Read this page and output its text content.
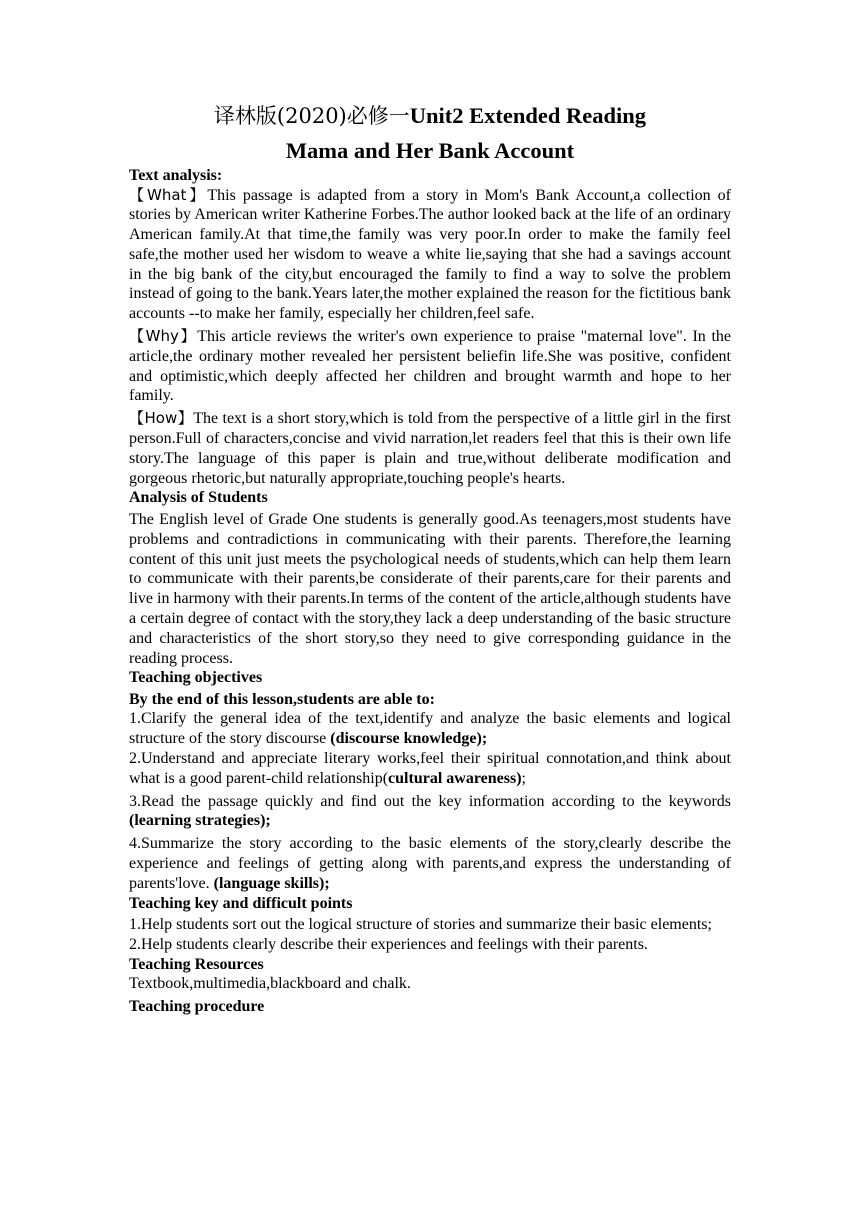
译林版(2020)必修一Unit2 Extended Reading
Mama and Her Bank Account

Text analysis:

【What】This passage is adapted from a story in Mom's Bank Account,a collection of stories by American writer Katherine Forbes.The author looked back at the life of an ordinary American family.At that time,the family was very poor.In order to make the family feel safe,the mother used her wisdom to weave a white lie,saying that she had a savings account in the big bank of the city,but encouraged the family to find a way to solve the problem instead of going to the bank.Years later,the mother explained the reason for the fictitious bank accounts --to make her family, especially her children,feel safe.

【Why】This article reviews the writer's own experience to praise "maternal love". In the article,the ordinary mother revealed her persistent beliefin life.She was positive, confident and optimistic,which deeply affected her children and brought warmth and hope to her family.

【How】The text is a short story,which is told from the perspective of a little girl in the first person.Full of characters,concise and vivid narration,let readers feel that this is their own life story.The language of this paper is plain and true,without deliberate modification and gorgeous rhetoric,but naturally appropriate,touching people's hearts.

Analysis of Students

The English level of Grade One students is generally good.As teenagers,most students have problems and contradictions in communicating with their parents. Therefore,the learning content of this unit just meets the psychological needs of students,which can help them learn to communicate with their parents,be considerate of their parents,care for their parents and live in harmony with their parents.In terms of the content of the article,although students have a certain degree of contact with the story,they lack a deep understanding of the basic structure and characteristics of the short story,so they need to give corresponding guidance in the reading process.

Teaching objectives

By the end of this lesson,students are able to:

1.Clarify the general idea of the text,identify and analyze the basic elements and logical structure of the story discourse (discourse knowledge);

2.Understand and appreciate literary works,feel their spiritual connotation,and think about what is a good parent-child relationship(cultural awareness);

3.Read the passage quickly and find out the key information according to the keywords (learning strategies);

4.Summarize the story according to the basic elements of the story,clearly describe the experience and feelings of getting along with parents,and express the understanding of parents'love. (language skills);

Teaching key and difficult points

1.Help students sort out the logical structure of stories and summarize their basic elements;

2.Help students clearly describe their experiences and feelings with their parents.

Teaching Resources

Textbook,multimedia,blackboard and chalk.

Teaching procedure
